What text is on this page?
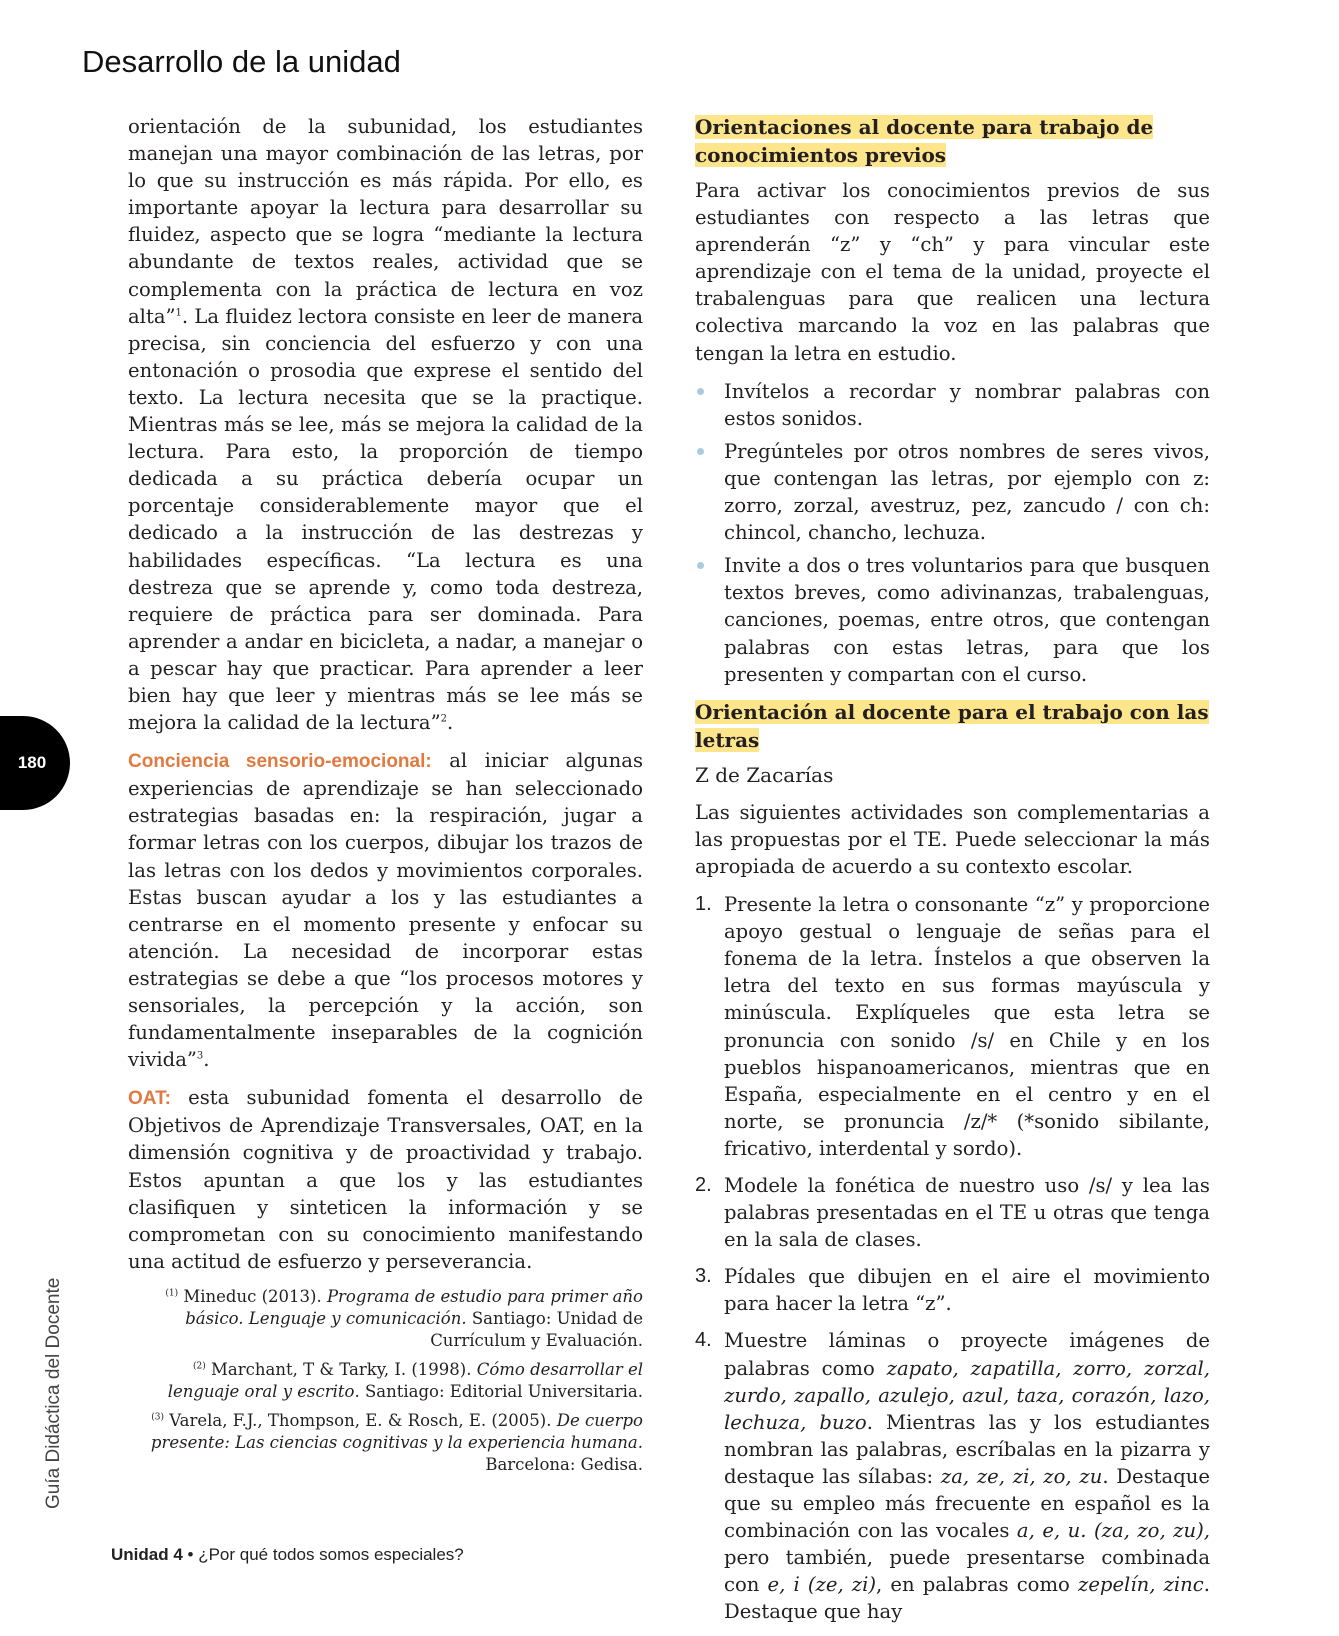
Desarrollo de la unidad

orientación de la subunidad, los estudiantes manejan una mayor combinación de las letras, por lo que su instrucción es más rápida. Por ello, es importante apoyar la lectura para desarrollar su fluidez, aspecto que se logra “mediante la lectura abundante de textos reales, actividad que se complementa con la práctica de lectura en voz alta”$^1$. La fluidez lectora consiste en leer de manera precisa, sin conciencia del esfuerzo y con una entonación o prosodia que exprese el sentido del texto. La lectura necesita que se la practique. Mientras más se lee, más se mejora la calidad de la lectura. Para esto, la proporción de tiempo dedicada a su práctica debería ocupar un porcentaje considerablemente mayor que el dedicado a la instrucción de las destrezas y habilidades específicas. “La lectura es una destreza que se aprende y, como toda destreza, requiere de práctica para ser dominada. Para aprender a andar en bicicleta, a nadar, a manejar o a pescar hay que practicar. Para aprender a leer bien hay que leer y mientras más se lee más se mejora la calidad de la lectura”$^2$.

Conciencia sensorio-emocional: al iniciar algunas experiencias de aprendizaje se han seleccionado estrategias basadas en: la respiración, jugar a formar letras con los cuerpos, dibujar los trazos de las letras con los dedos y movimientos corporales. Estas buscan ayudar a los y las estudiantes a centrarse en el momento presente y enfocar su atención. La necesidad de incorporar estas estrategias se debe a que “los procesos motores y sensoriales, la percepción y la acción, son fundamentalmente inseparables de la cognición vivida”$^3$.

OAT: esta subunidad fomenta el desarrollo de Objetivos de Aprendizaje Transversales, OAT, en la dimensión cognitiva y de proactividad y trabajo. Estos apuntan a que los y las estudiantes clasifiquen y sinteticen la información y se comprometan con su conocimiento manifestando una actitud de esfuerzo y perseverancia.

$^{(1)}$ Mineduc (2013). Programa de estudio para primer año básico. Lenguaje y comunicación. Santiago: Unidad de Currículum y Evaluación.

$^{(2)}$ Marchant, T & Tarky, I. (1998). Cómo desarrollar el lenguaje oral y escrito. Santiago: Editorial Universitaria.

$^{(3)}$ Varela, F.J., Thompson, E. & Rosch, E. (2005). De cuerpo presente: Las ciencias cognitivas y la experiencia humana. Barcelona: Gedisa.

Orientaciones al docente para trabajo de conocimientos previos

Para activar los conocimientos previos de sus estudiantes con respecto a las letras que aprenderán “z” y “ch” y para vincular este aprendizaje con el tema de la unidad, proyecte el trabalenguas para que realicen una lectura colectiva marcando la voz en las palabras que tengan la letra en estudio.

Invítelos a recordar y nombrar palabras con estos sonidos.
Pregúnteles por otros nombres de seres vivos, que contengan las letras, por ejemplo con z: zorro, zorzal, avestruz, pez, zancudo / con ch: chincol, chancho, lechuza.
Invite a dos o tres voluntarios para que busquen textos breves, como adivinanzas, trabalenguas, canciones, poemas, entre otros, que contengan palabras con estas letras, para que los presenten y compartan con el curso.
Orientación al docente para el trabajo con las letras
Z de Zacarías

Las siguientes actividades son complementarias a las propuestas por el TE. Puede seleccionar la más apropiada de acuerdo a su contexto escolar.

1. Presente la letra o consonante “z” y proporcione apoyo gestual o lenguaje de señas para el fonema de la letra. Ínstelos a que observen la letra del texto en sus formas mayúscula y minúscula. Explíqueles que esta letra se pronuncia con sonido /s/ en Chile y en los pueblos hispanoamericanos, mientras que en España, especialmente en el centro y en el norte, se pronuncia /z/* (*sonido sibilante, fricativo, interdental y sordo).
2. Modele la fonética de nuestro uso /s/ y lea las palabras presentadas en el TE u otras que tenga en la sala de clases.
3. Pídales que dibujen en el aire el movimiento para hacer la letra “z”.
4. Muestre láminas o proyecte imágenes de palabras como zapato, zapatilla, zorro, zorzal, zurdo, zapallo, azulejo, azul, taza, corazón, lazo, lechuza, buzo. Mientras las y los estudiantes nombran las palabras, escríbalas en la pizarra y destaque las sílabas: za, ze, zi, zo, zu. Destaque que su empleo más frecuente en español es la combinación con las vocales a, e, u. (za, zo, zu), pero también, puede presentarse combinada con e, i (ze, zi), en palabras como zepelín, zinc. Destaque que hay
180
Guía Didáctica del Docente
Unidad 4 • ¿Por qué todos somos especiales?
